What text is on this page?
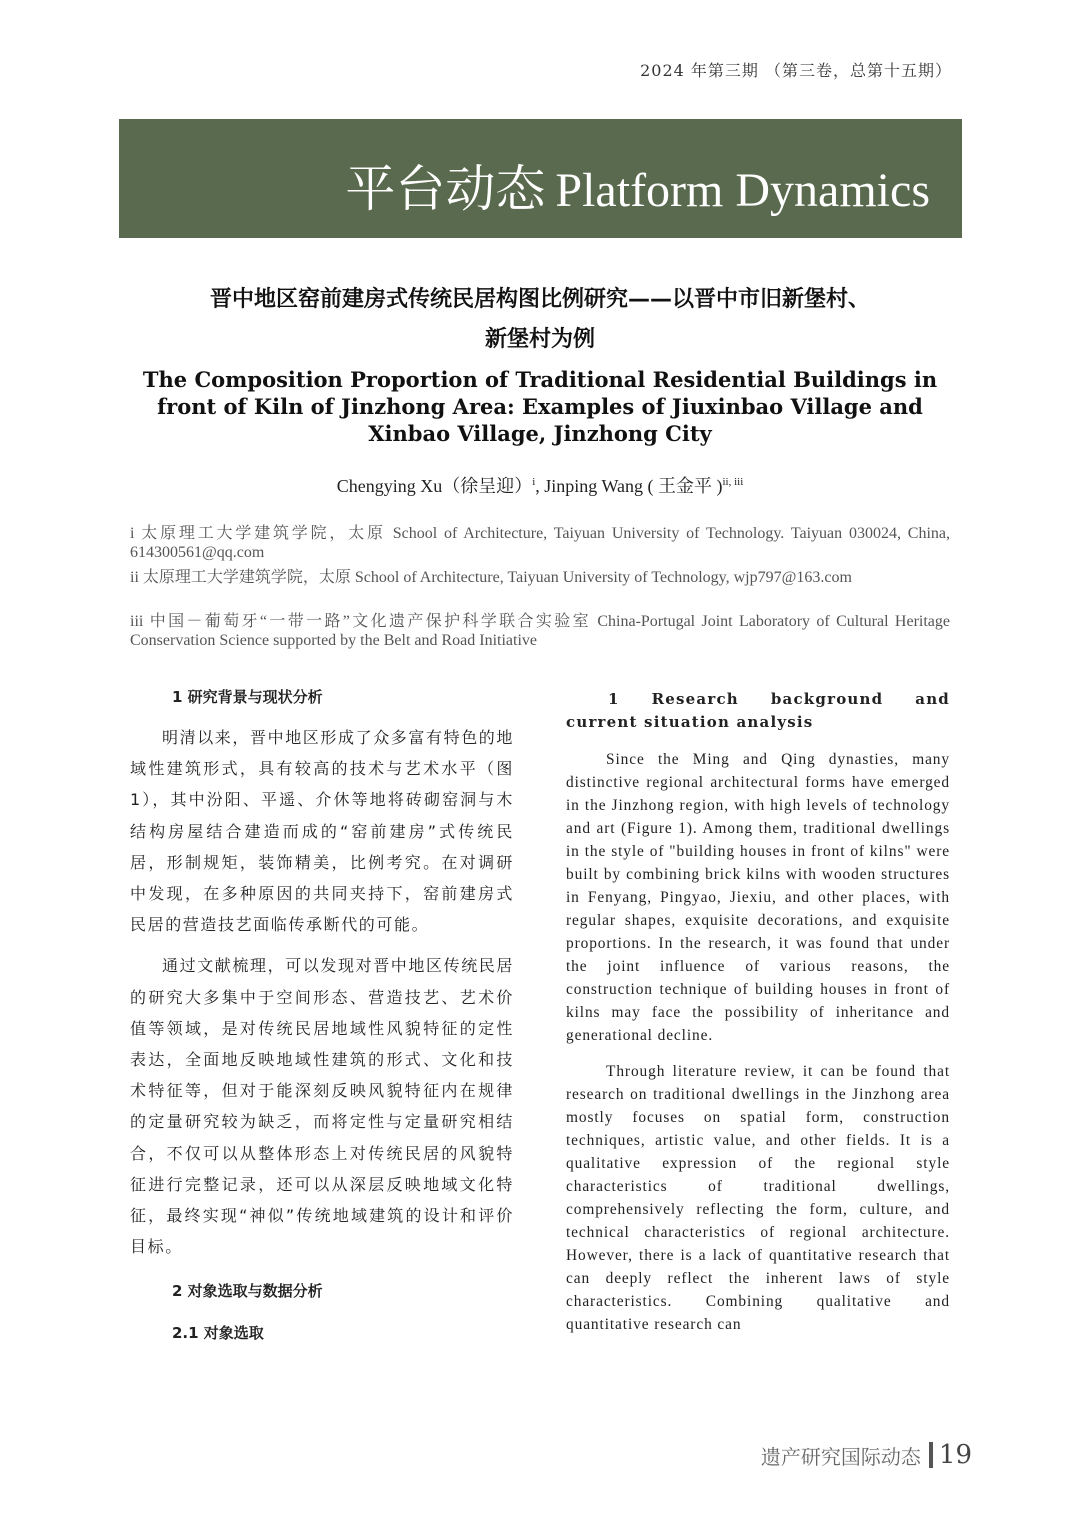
2024 年第三期 （第三卷，总第十五期）
平台动态 Platform Dynamics
晋中地区窑前建房式传统民居构图比例研究——以晋中市旧新堡村、
新堡村为例
The Composition Proportion of Traditional Residential Buildings in front of Kiln of Jinzhong Area: Examples of Jiuxinbao Village and Xinbao Village, Jinzhong City
Chengying Xu（徐呈迎）$^i$, Jinping Wang ( 王金平 )$^{ii, iii}$
i 太原理工大学建筑学院，太原 School of Architecture, Taiyuan University of Technology. Taiyuan 030024, China, 614300561@qq.com
ii 太原理工大学建筑学院，太原 School of Architecture, Taiyuan University of Technology, wjp797@163.com
iii 中国－葡萄牙“一带一路”文化遗产保护科学联合实验室 China-Portugal Joint Laboratory of Cultural Heritage Conservation Science supported by the Belt and Road Initiative
1 研究背景与现状分析

明清以来，晋中地区形成了众多富有特色的地域性建筑形式，具有较高的技术与艺术水平（图 1），其中汾阳、平遥、介休等地将砖砌窑洞与木结构房屋结合建造而成的“窑前建房”式传统民居，形制规矩，装饰精美，比例考究。在对调研中发现，在多种原因的共同夹持下，窑前建房式民居的营造技艺面临传承断代的可能。

通过文献梳理，可以发现对晋中地区传统民居的研究大多集中于空间形态、营造技艺、艺术价值等领域，是对传统民居地域性风貌特征的定性表达，全面地反映地域性建筑的形式、文化和技术特征等，但对于能深刻反映风貌特征内在规律的定量研究较为缺乏，而将定性与定量研究相结合，不仅可以从整体形态上对传统民居的风貌特征进行完整记录，还可以从深层反映地域文化特征，最终实现“神似”传统地域建筑的设计和评价目标。

2 对象选取与数据分析
2.1 对象选取
1 Research background and current situation analysis

Since the Ming and Qing dynasties, many distinctive regional architectural forms have emerged in the Jinzhong region, with high levels of technology and art (Figure 1). Among them, traditional dwellings in the style of "building houses in front of kilns" were built by combining brick kilns with wooden structures in Fenyang, Pingyao, Jiexiu, and other places, with regular shapes, exquisite decorations, and exquisite proportions. In the research, it was found that under the joint influence of various reasons, the construction technique of building houses in front of kilns may face the possibility of inheritance and generational decline.

Through literature review, it can be found that research on traditional dwellings in the Jinzhong area mostly focuses on spatial form, construction techniques, artistic value, and other fields. It is a qualitative expression of the regional style characteristics of traditional dwellings, comprehensively reflecting the form, culture, and technical characteristics of regional architecture. However, there is a lack of quantitative research that can deeply reflect the inherent laws of style characteristics. Combining qualitative and quantitative research can

遗产研究国际动态 19
